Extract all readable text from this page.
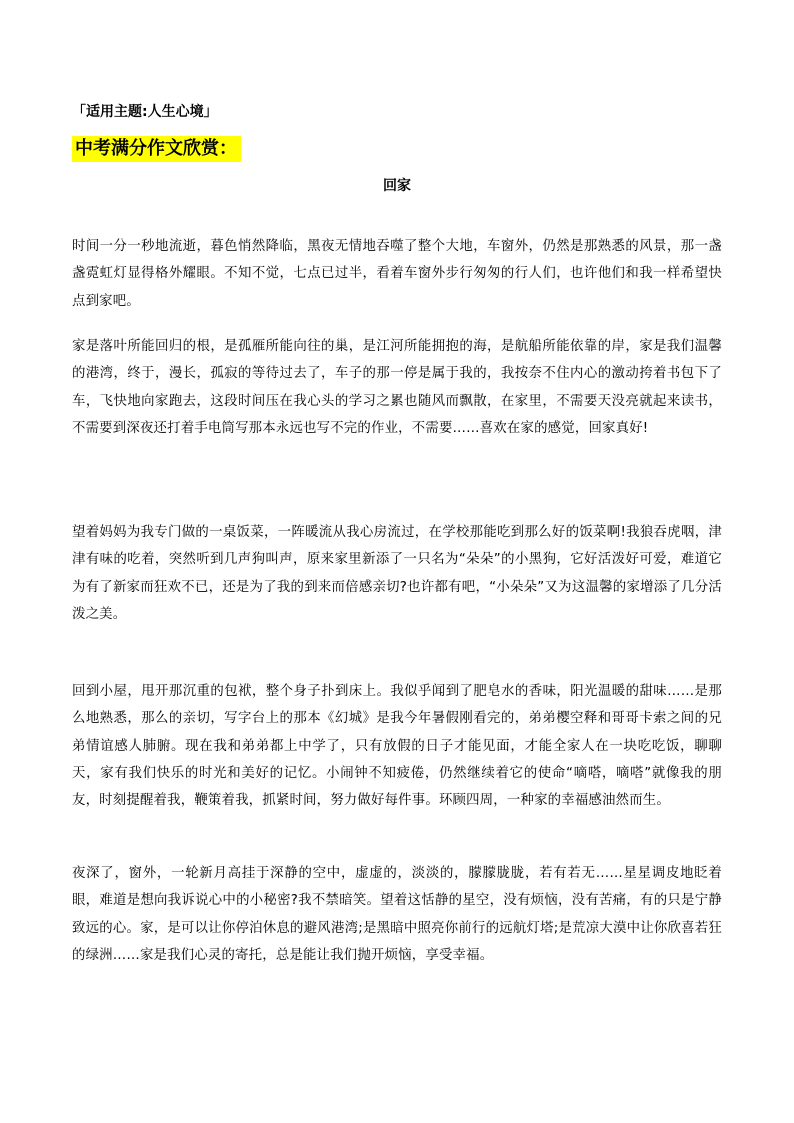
「适用主题:人生心境」
中考满分作文欣赏：
回家

时间一分一秒地流逝，暮色悄然降临，黑夜无情地吞噬了整个大地，车窗外，仍然是那熟悉的风景，那一盏盏霓虹灯显得格外耀眼。不知不觉，七点已过半，看着车窗外步行匆匆的行人们，也许他们和我一样希望快点到家吧。

家是落叶所能回归的根，是孤雁所能向往的巢，是江河所能拥抱的海，是航船所能依靠的岸，家是我们温馨的港湾，终于，漫长，孤寂的等待过去了，车子的那一停是属于我的，我按奈不住内心的激动挎着书包下了车，飞快地向家跑去，这段时间压在我心头的学习之累也随风而飘散，在家里，不需要天没亮就起来读书，不需要到深夜还打着手电筒写那本永远也写不完的作业，不需要……喜欢在家的感觉，回家真好!

望着妈妈为我专门做的一桌饭菜，一阵暖流从我心房流过，在学校那能吃到那么好的饭菜啊!我狼吞虎咽，津津有味的吃着，突然听到几声狗叫声，原来家里新添了一只名为“朵朵”的小黑狗，它好活泼好可爱，难道它为有了新家而狂欢不已，还是为了我的到来而倍感亲切?也许都有吧，“小朵朵”又为这温馨的家增添了几分活泼之美。

回到小屋，甩开那沉重的包袱，整个身子扑到床上。我似乎闻到了肥皂水的香味，阳光温暖的甜味……是那么地熟悉，那么的亲切，写字台上的那本《幻城》是我今年暑假刚看完的，弟弟樱空释和哥哥卡索之间的兄弟情谊感人肺腑。现在我和弟弟都上中学了，只有放假的日子才能见面，才能全家人在一块吃吃饭，聊聊天，家有我们快乐的时光和美好的记忆。小闹钟不知疲倦，仍然继续着它的使命“嘀嗒，嘀嗒”就像我的朋友，时刻提醒着我，鞭策着我，抓紧时间，努力做好每件事。环顾四周，一种家的幸福感油然而生。

夜深了，窗外，一轮新月高挂于深静的空中，虚虚的，淡淡的，朦朦胧胧，若有若无……星星调皮地眨着眼，难道是想向我诉说心中的小秘密?我不禁暗笑。望着这恬静的星空，没有烦恼，没有苦痛，有的只是宁静致远的心。家，是可以让你停泊休息的避风港湾;是黑暗中照亮你前行的远航灯塔;是荒凉大漠中让你欣喜若狂的绿洲……家是我们心灵的寄托，总是能让我们抛开烦恼，享受幸福。
